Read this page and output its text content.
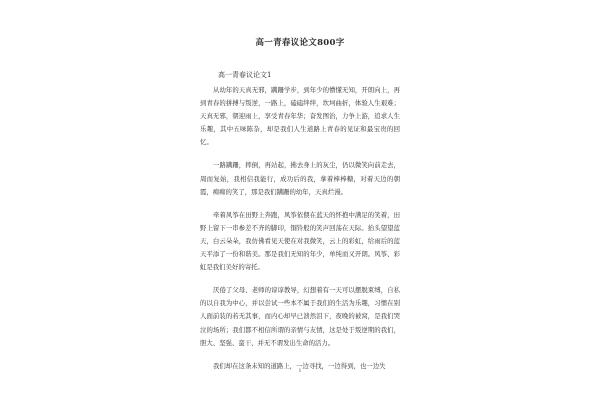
高一青春议论文800字
高一青春议论文1

从幼年的天真无邪，蹒跚学步，到年少的懵懂无知，开朗向上，再到青春的拼搏与叛逆，一路上，磕磕绊绊，坎坷曲折，体验人生艰难；天真无邪，朝迎雨上，享受青春年华；奋发图治，力争上游，追求人生乐趣，其中五味陈杂，却是我们人生道路上青春的见证和最宝贵的回忆。

一路蹒跚，摔倒，再站起，拂去身上的灰尘，仍以微笑向前走去，周而复始，我相信我能行，成功后的我，拿着棒棒糖，对着天边的朝霞，痴痴的笑了，那是我们蹒跚的幼年，天真烂漫。

牵着风筝在田野上奔跑，风筝依偎在蓝天的怀抱中满足的笑着，田野上留下一串参差不齐的脚印，铜铃般的笑声回荡在天际。抬头望望蓝天，白云朵朵，我仿佛看见天使在对我微笑，云上的彩虹，给雨后的蓝天平添了一份和谐美。那是我们无知的年少，单纯而又开朗。风筝、彩虹是我们美好的寄托。

厌倦了父母、老师的谆谆教导，幻想着有一天可以摆脱束缚，自私的以自我为中心，并以尝试一些本不属于我们的生活为乐趣，习惯在别人面前装的若无其事，而内心却早已溃然泪下，夜晚的被窝，是我们哭泣的场所；我们都不相信所谓的亲情与友情，这是处于叛逆期的我们，胆大、坚强、蛮干、并无不谓发出生命的活力。

我们却在这条未知的道路上，一边寻找，一边得到，也一边失

1
